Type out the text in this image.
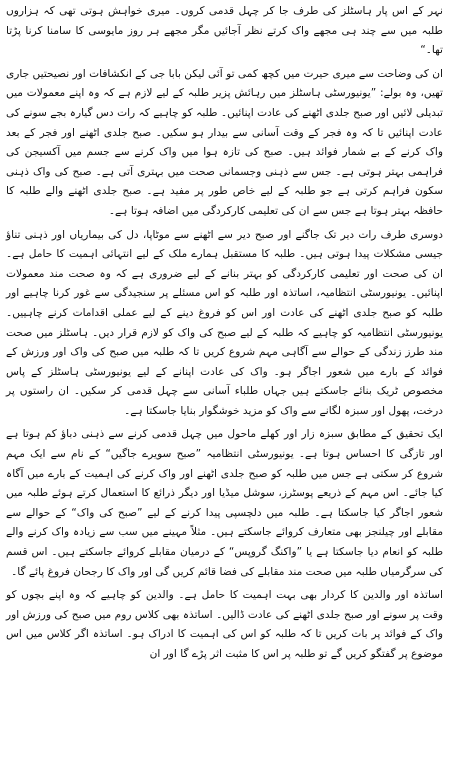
نہر کے اس پار ہاسٹلز کی طرف جا کر چہل قدمی کروں۔ میری خواہش ہوتی تھی کہ ہزاروں طلبہ میں سے چند ہی مجھے واک کرتے نظر آجائیں مگر مجھے ہر روز مایوسی کا سامنا کرنا پڑتا تھا۔“

ان کی وضاحت سے میری حیرت میں کچھ کمی تو آئی لیکن بابا جی کے انکشافات اور نصیحتیں جاری تھیں، وہ بولے: ”یونیورسٹی ہاسٹلز میں رہائش پزیر طلبہ کے لیے لازم ہے کہ وہ اپنے معمولات میں تبدیلی لائیں اور صبح جلدی اٹھنے کی عادت اپنائیں۔ طلبہ کو چاہیے کہ رات دس گیارہ بجے سونے کی عادت اپنائیں تا کہ وہ فجر کے وقت آسانی سے بیدار ہو سکیں۔ صبح جلدی اٹھنے اور فجر کے بعد واک کرنے کے بے شمار فوائد ہیں۔ صبح کی تازہ ہوا میں واک کرنے سے جسم میں آکسیجن کی فراہمی بہتر ہوتی ہے۔ جس سے ذہنی وجسمانی صحت میں بہتری آتی ہے۔ صبح کی واک ذہنی سکون فراہم کرتی ہے جو طلبہ کے لیے خاص طور پر مفید ہے۔ صبح جلدی اٹھنے والے طلبہ کا حافظہ بہتر ہوتا ہے جس سے ان کی تعلیمی کارکردگی میں اضافہ ہوتا ہے۔

دوسری طرف رات دیر تک جاگنے اور صبح دیر سے اٹھنے سے موٹاپا، دل کی بیماریاں اور ذہنی تناؤ جیسی مشکلات پیدا ہوتی ہیں۔ طلبہ کا مستقبل ہمارے ملک کے لیے انتہائی اہمیت کا حامل ہے۔ ان کی صحت اور تعلیمی کارکردگی کو بہتر بنانے کے لیے ضروری ہے کہ وہ صحت مند معمولات اپنائیں۔ یونیورسٹی انتظامیہ، اساتذہ اور طلبہ کو اس مسئلے پر سنجیدگی سے غور کرنا چاہیے اور طلبہ کو صبح جلدی اٹھنے کی عادت اور اس کو فروغ دینے کے لیے عملی اقدامات کرنے چاہییں۔ یونیورسٹی انتظامیہ کو چاہیے کہ طلبہ کے لیے صبح کی واک کو لازم قرار دیں۔ ہاسٹلز میں صحت مند طرز زندگی کے حوالے سے آگاہی مہم شروع کریں تا کہ طلبہ میں صبح کی واک اور ورزش کے فوائد کے بارے میں شعور اجاگر ہو۔ واک کی عادت اپنانے کے لیے یونیورسٹی ہاسٹلز کے پاس مخصوص ٹریک بنائے جاسکتے ہیں جہاں طلباء آسانی سے چہل قدمی کر سکیں۔ ان راستوں پر درخت، پھول اور سبزہ لگانے سے واک کو مزید خوشگوار بنایا جاسکتا ہے۔

ایک تحقیق کے مطابق سبزہ زار اور کھلے ماحول میں چہل قدمی کرنے سے ذہنی دباؤ کم ہوتا ہے اور تازگی کا احساس ہوتا ہے۔ یونیورسٹی انتظامیہ ”صبح سویرے جاگیں“ کے نام سے ایک مہم شروع کر سکتی ہے جس میں طلبہ کو صبح جلدی اٹھنے اور واک کرنے کی اہمیت کے بارے میں آگاہ کیا جائے۔ اس مہم کے ذریعے پوسٹرز، سوشل میڈیا اور دیگر ذرائع کا استعمال کرتے ہوئے طلبہ میں شعور اجاگر کیا جاسکتا ہے۔ طلبہ میں دلچسپی پیدا کرنے کے لیے ”صبح کی واک“ کے حوالے سے مقابلے اور چیلنجز بھی متعارف کروائے جاسکتے ہیں۔ مثلاً مہینے میں سب سے زیادہ واک کرنے والے طلبہ کو انعام دیا جاسکتا ہے یا ”واکنگ گروپس“ کے درمیان مقابلے کروائے جاسکتے ہیں۔ اس قسم کی سرگرمیاں طلبہ میں صحت مند مقابلے کی فضا قائم کریں گی اور واک کا رجحان فروغ پائے گا۔

اساتذہ اور والدین کا کردار بھی بہت اہمیت کا حامل ہے۔ والدین کو چاہیے کہ وہ اپنے بچوں کو وقت پر سونے اور صبح جلدی اٹھنے کی عادت ڈالیں۔ اساتذہ بھی کلاس روم میں صبح کی ورزش اور واک کے فوائد پر بات کریں تا کہ طلبہ کو اس کی اہمیت کا ادراک ہو۔ اساتذہ اگر کلاس میں اس موضوع پر گفتگو کریں گے تو طلبہ پر اس کا مثبت اثر پڑے گا اور ان
